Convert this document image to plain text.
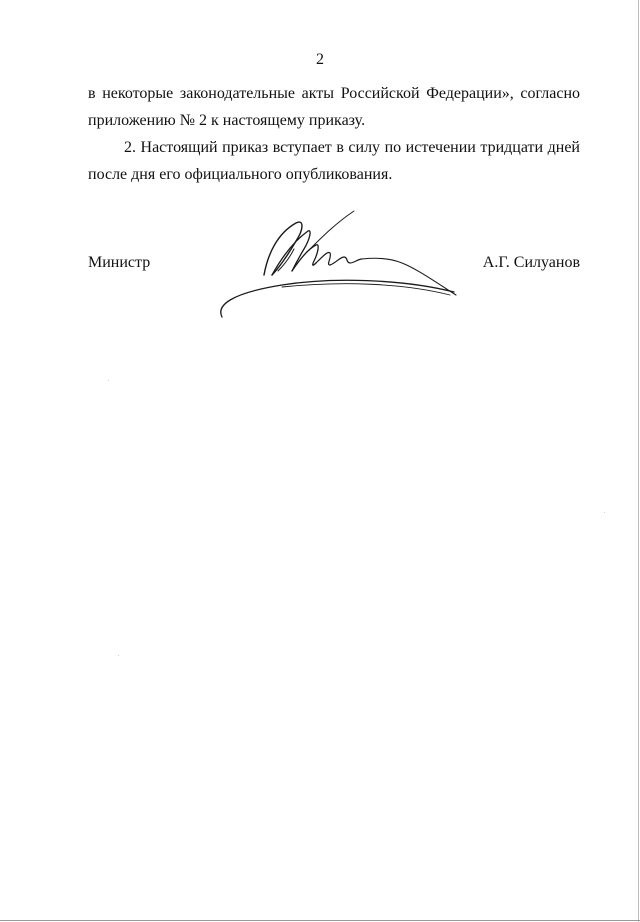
2

в некоторые законодательные акты Российской Федерации», согласно
приложению № 2 к настоящему приказу.

2. Настоящий приказ вступает в силу по истечении тридцати дней
после дня его официального опубликования.

Министр	А.Г. Силуанов
